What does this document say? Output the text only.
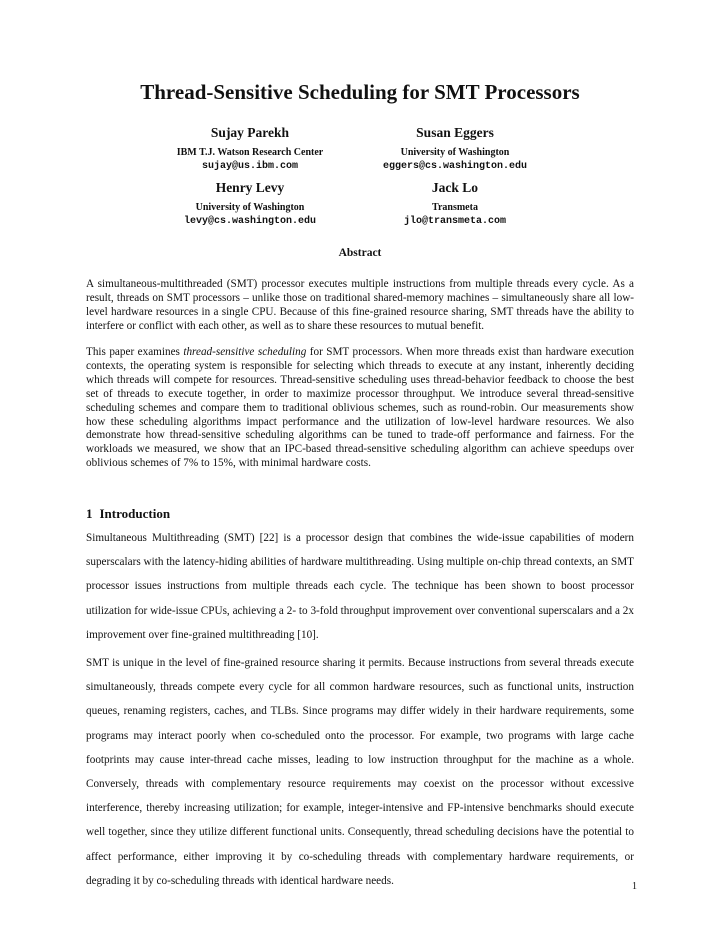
Thread-Sensitive Scheduling for SMT Processors
Sujay Parekh
IBM T.J. Watson Research Center
sujay@us.ibm.com
Susan Eggers
University of Washington
eggers@cs.washington.edu
Henry Levy
University of Washington
levy@cs.washington.edu
Jack Lo
Transmeta
jlo@transmeta.com
Abstract

A simultaneous-multithreaded (SMT) processor executes multiple instructions from multiple threads every cycle. As a result, threads on SMT processors – unlike those on traditional shared-memory machines – simultaneously share all low-level hardware resources in a single CPU. Because of this fine-grained resource sharing, SMT threads have the ability to interfere or conflict with each other, as well as to share these resources to mutual benefit.

This paper examines thread-sensitive scheduling for SMT processors. When more threads exist than hardware execution contexts, the operating system is responsible for selecting which threads to execute at any instant, inherently deciding which threads will compete for resources. Thread-sensitive scheduling uses thread-behavior feedback to choose the best set of threads to execute together, in order to maximize processor throughput. We introduce several thread-sensitive scheduling schemes and compare them to traditional oblivious schemes, such as round-robin. Our measurements show how these scheduling algorithms impact performance and the utilization of low-level hardware resources. We also demonstrate how thread-sensitive scheduling algorithms can be tuned to trade-off performance and fairness. For the workloads we measured, we show that an IPC-based thread-sensitive scheduling algorithm can achieve speedups over oblivious schemes of 7% to 15%, with minimal hardware costs.

1 Introduction

Simultaneous Multithreading (SMT) [22] is a processor design that combines the wide-issue capabilities of modern superscalars with the latency-hiding abilities of hardware multithreading. Using multiple on-chip thread contexts, an SMT processor issues instructions from multiple threads each cycle. The technique has been shown to boost processor utilization for wide-issue CPUs, achieving a 2- to 3-fold throughput improvement over conventional superscalars and a 2x improvement over fine-grained multithreading [10].

SMT is unique in the level of fine-grained resource sharing it permits. Because instructions from several threads execute simultaneously, threads compete every cycle for all common hardware resources, such as functional units, instruction queues, renaming registers, caches, and TLBs. Since programs may differ widely in their hardware requirements, some programs may interact poorly when co-scheduled onto the processor. For example, two programs with large cache footprints may cause inter-thread cache misses, leading to low instruction throughput for the machine as a whole. Conversely, threads with complementary resource requirements may coexist on the processor without excessive interference, thereby increasing utilization; for example, integer-intensive and FP-intensive benchmarks should execute well together, since they utilize different functional units. Consequently, thread scheduling decisions have the potential to affect performance, either improving it by co-scheduling threads with complementary hardware requirements, or degrading it by co-scheduling threads with identical hardware needs.	1
